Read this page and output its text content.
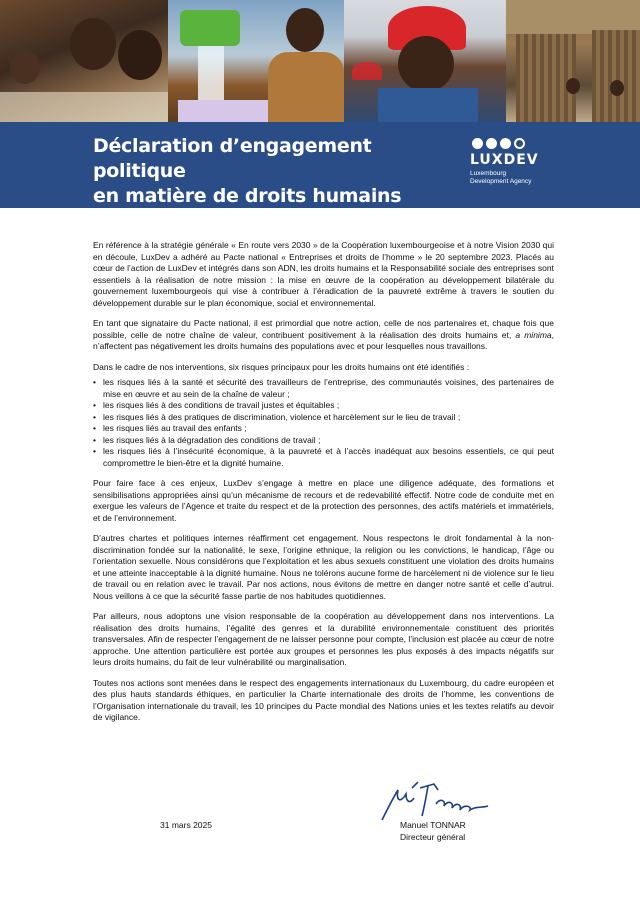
Déclaration d’engagement politique
en matière de droits humains
LUXDEV
Luxembourg
Development Agency

En référence à la stratégie générale « En route vers 2030 » de la Coopération luxembourgeoise et à notre Vision 2030 qui en découle, LuxDev a adhéré au Pacte national « Entreprises et droits de l’homme » le 20 septembre 2023. Placés au cœur de l’action de LuxDev et intégrés dans son ADN, les droits humains et la Responsabilité sociale des entreprises sont essentiels à la réalisation de notre mission : la mise en œuvre de la coopération au développement bilatérale du gouvernement luxembourgeois qui vise à contribuer à l’éradication de la pauvreté extrême à travers le soutien du développement durable sur le plan économique, social et environnemental.

En tant que signataire du Pacte national, il est primordial que notre action, celle de nos partenaires et, chaque fois que possible, celle de notre chaîne de valeur, contribuent positivement à la réalisation des droits humains et, a minima, n’affectent pas négativement les droits humains des populations avec et pour lesquelles nous travaillons.

Dans le cadre de nos interventions, six risques principaux pour les droits humains ont été identifiés :

• les risques liés à la santé et sécurité des travailleurs de l’entreprise, des communautés voisines, des partenaires de mise en œuvre et au sein de la chaîne de valeur ;
• les risques liés à des conditions de travail justes et équitables ;
• les risques liés à des pratiques de discrimination, violence et harcèlement sur le lieu de travail ;
• les risques liés au travail des enfants ;
• les risques liés à la dégradation des conditions de travail ;
• les risques liés à l’insécurité économique, à la pauvreté et à l’accès inadéquat aux besoins essentiels, ce qui peut compromettre le bien-être et la dignité humaine.

Pour faire face à ces enjeux, LuxDev s’engage à mettre en place une diligence adéquate, des formations et sensibilisations appropriées ainsi qu’un mécanisme de recours et de redevabilité effectif. Notre code de conduite met en exergue les valeurs de l’Agence et traite du respect et de la protection des personnes, des actifs matériels et immatériels, et de l’environnement.

D’autres chartes et politiques internes réaffirment cet engagement. Nous respectons le droit fondamental à la non-discrimination fondée sur la nationalité, le sexe, l’origine ethnique, la religion ou les convictions, le handicap, l’âge ou l’orientation sexuelle. Nous considérons que l’exploitation et les abus sexuels constituent une violation des droits humains et une atteinte inacceptable à la dignité humaine. Nous ne tolérons aucune forme de harcèlement ni de violence sur le lieu de travail ou en relation avec le travail. Par nos actions, nous évitons de mettre en danger notre santé et celle d’autrui. Nous veillons à ce que la sécurité fasse partie de nos habitudes quotidiennes.

Par ailleurs, nous adoptons une vision responsable de la coopération au développement dans nos interventions. La réalisation des droits humains, l’égalité des genres et la durabilité environnementale constituent des priorités transversales. Afin de respecter l’engagement de ne laisser personne pour compte, l’inclusion est placée au cœur de notre approche. Une attention particulière est portée aux groupes et personnes les plus exposés à des impacts négatifs sur leurs droits humains, du fait de leur vulnérabilité ou marginalisation.

Toutes nos actions sont menées dans le respect des engagements internationaux du Luxembourg, du cadre européen et des plus hauts standards éthiques, en particulier la Charte internationale des droits de l’homme, les conventions de l’Organisation internationale du travail, les 10 principes du Pacte mondial des Nations unies et les textes relatifs au devoir de vigilance.

31 mars 2025	Manuel TONNAR
Directeur général
